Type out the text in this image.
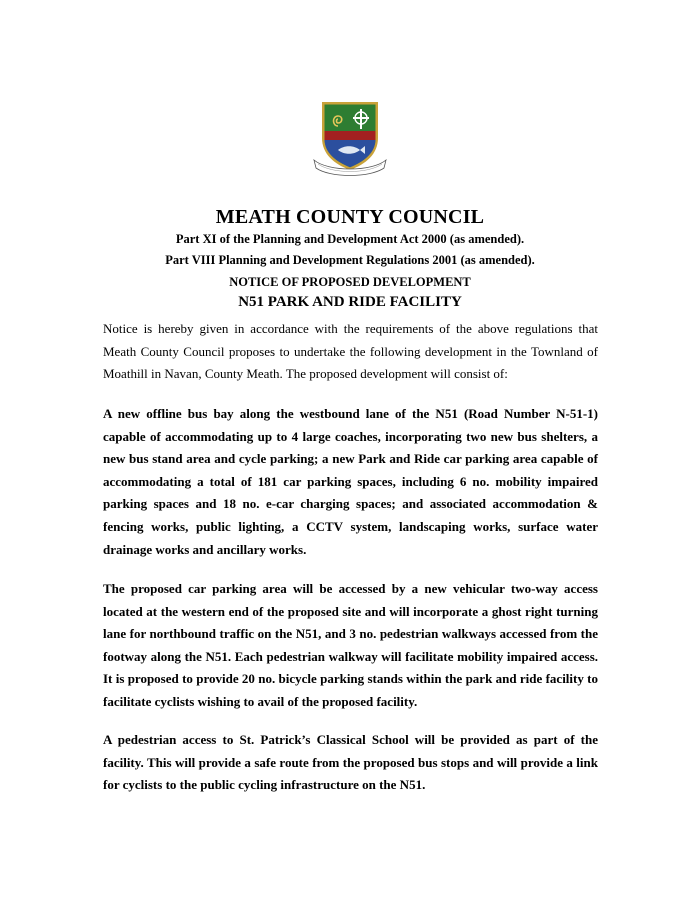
MEATH COUNTY COUNCIL
Part XI of the Planning and Development Act 2000 (as amended).
Part VIII Planning and Development Regulations 2001 (as amended).
NOTICE OF PROPOSED DEVELOPMENT
N51 PARK AND RIDE FACILITY
Notice is hereby given in accordance with the requirements of the above regulations that Meath County Council proposes to undertake the following development in the Townland of Moathill in Navan, County Meath. The proposed development will consist of:
A new offline bus bay along the westbound lane of the N51 (Road Number N-51-1) capable of accommodating up to 4 large coaches, incorporating two new bus shelters, a new bus stand area and cycle parking; a new Park and Ride car parking area capable of accommodating a total of 181 car parking spaces, including 6 no. mobility impaired parking spaces and 18 no. e-car charging spaces; and associated accommodation & fencing works, public lighting, a CCTV system, landscaping works, surface water drainage works and ancillary works.
The proposed car parking area will be accessed by a new vehicular two-way access located at the western end of the proposed site and will incorporate a ghost right turning lane for northbound traffic on the N51, and 3 no. pedestrian walkways accessed from the footway along the N51. Each pedestrian walkway will facilitate mobility impaired access. It is proposed to provide 20 no. bicycle parking stands within the park and ride facility to facilitate cyclists wishing to avail of the proposed facility.
A pedestrian access to St. Patrick’s Classical School will be provided as part of the facility. This will provide a safe route from the proposed bus stops and will provide a link for cyclists to the public cycling infrastructure on the N51.
